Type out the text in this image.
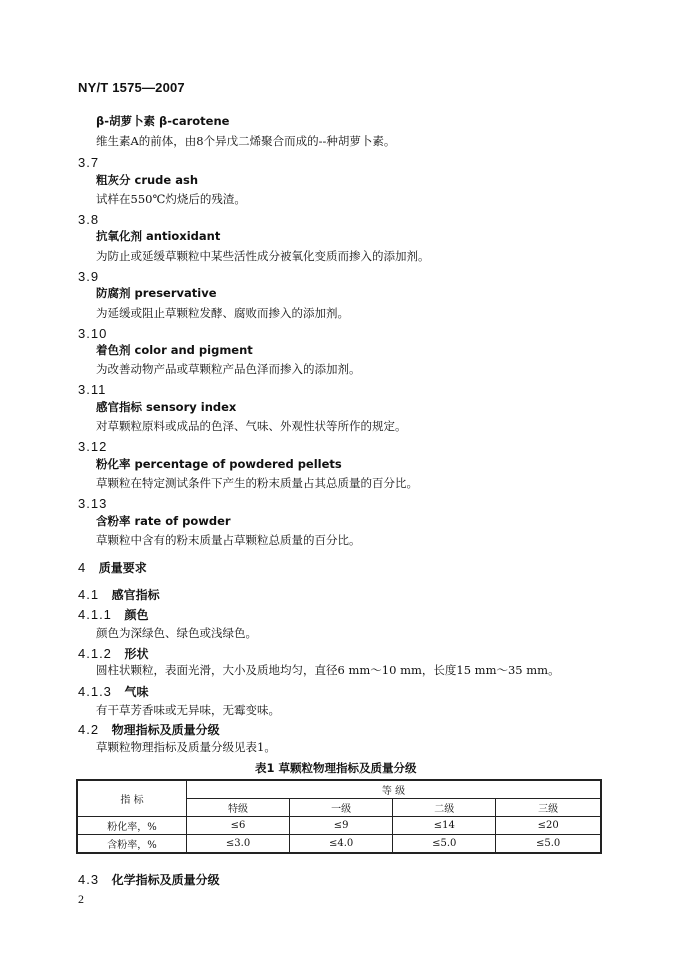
NY/T 1575—2007
β-胡萝卜素 β-carotene
维生素A的前体，由8个异戊二烯聚合而成的--种胡萝卜素。
3.7
粗灰分 crude ash
试样在550℃灼烧后的残渣。
3.8
抗氧化剂 antioxidant
为防止或延缓草颗粒中某些活性成分被氧化变质而掺入的添加剂。
3.9
防腐剂 preservative
为延缓或阻止草颗粒发酵、腐败而掺入的添加剂。
3.10
着色剂 color and pigment
为改善动物产品或草颗粒产品色泽而掺入的添加剂。
3.11
感官指标 sensory index
对草颗粒原料或成品的色泽、气味、外观性状等所作的规定。
3.12
粉化率 percentage of powdered pellets
草颗粒在特定测试条件下产生的粉末质量占其总质量的百分比。
3.13
含粉率 rate of powder
草颗粒中含有的粉末质量占草颗粒总质量的百分比。
4 质量要求
4.1 感官指标
4.1.1 颜色
颜色为深绿色、绿色或浅绿色。
4.1.2 形状
圆柱状颗粒，表面光滑，大小及质地均匀，直径6 mm～10 mm，长度15 mm～35 mm。
4.1.3 气味
有干草芳香味或无异味，无霉变味。
4.2 物理指标及质量分级
草颗粒物理指标及质量分级见表1。
表1 草颗粒物理指标及质量分级
指 标	等 级			
	特级	一级	二级	三级
粉化率，%	≤6	≤9	≤14	≤20
含粉率，%	≤3.0	≤4.0	≤5.0	≤5.0
4.3 化学指标及质量分级
2
